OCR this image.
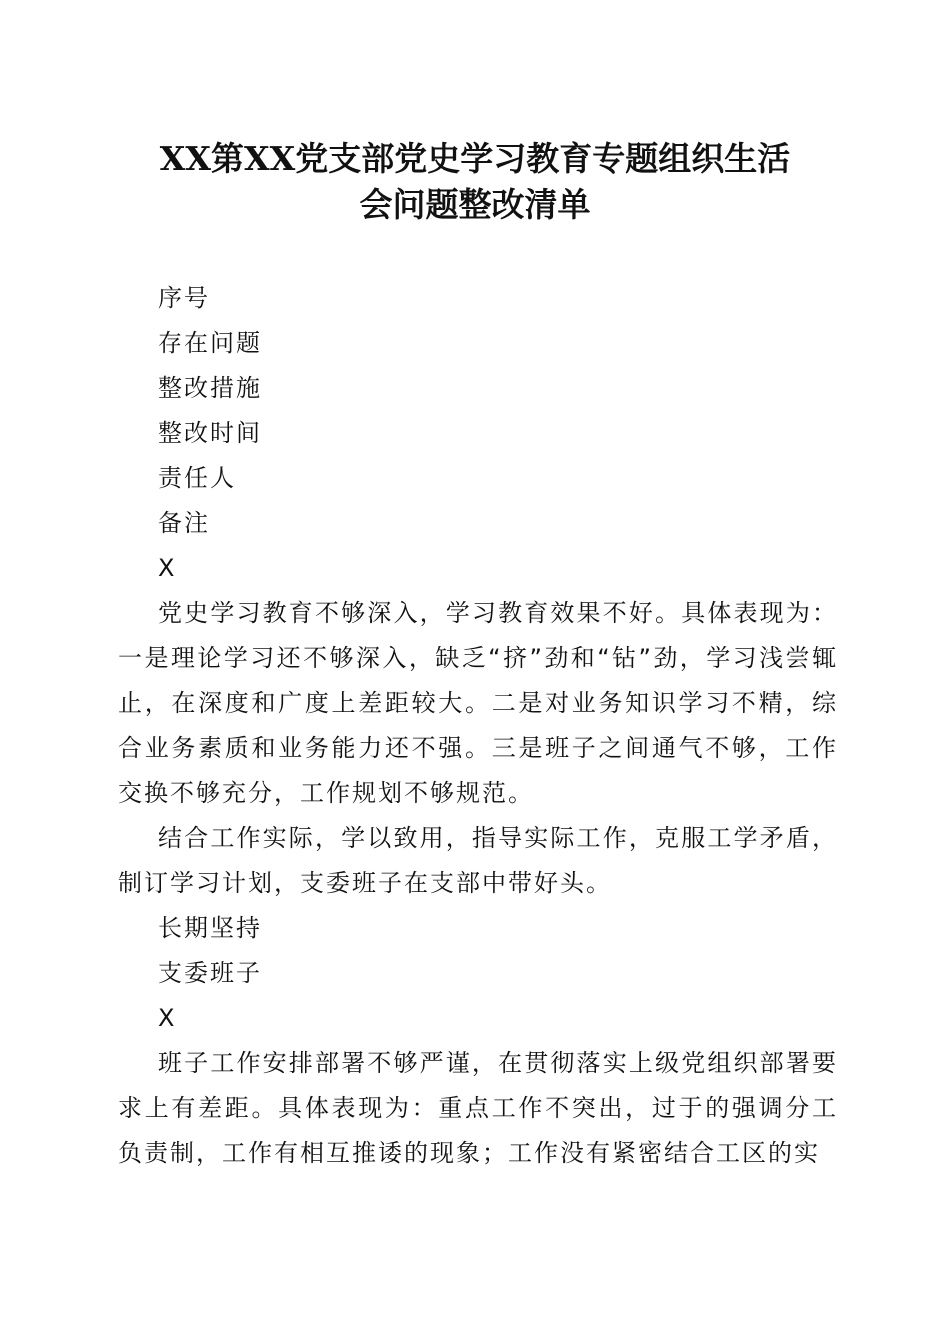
XX第XX党支部党史学习教育专题组织生活
会问题整改清单

序号

存在问题

整改措施

整改时间

责任人

备注

X

党史学习教育不够深入，学习教育效果不好。具体表现为：一是理论学习还不够深入，缺乏“挤”劲和“钻”劲，学习浅尝辄止，在深度和广度上差距较大。二是对业务知识学习不精，综合业务素质和业务能力还不强。三是班子之间通气不够，工作交换不够充分，工作规划不够规范。

结合工作实际，学以致用，指导实际工作，克服工学矛盾，制订学习计划，支委班子在支部中带好头。

长期坚持

支委班子

X

班子工作安排部署不够严谨，在贯彻落实上级党组织部署要求上有差距。具体表现为：重点工作不突出，过于的强调分工负责制，工作有相互推诿的现象；工作没有紧密结合工区的实
